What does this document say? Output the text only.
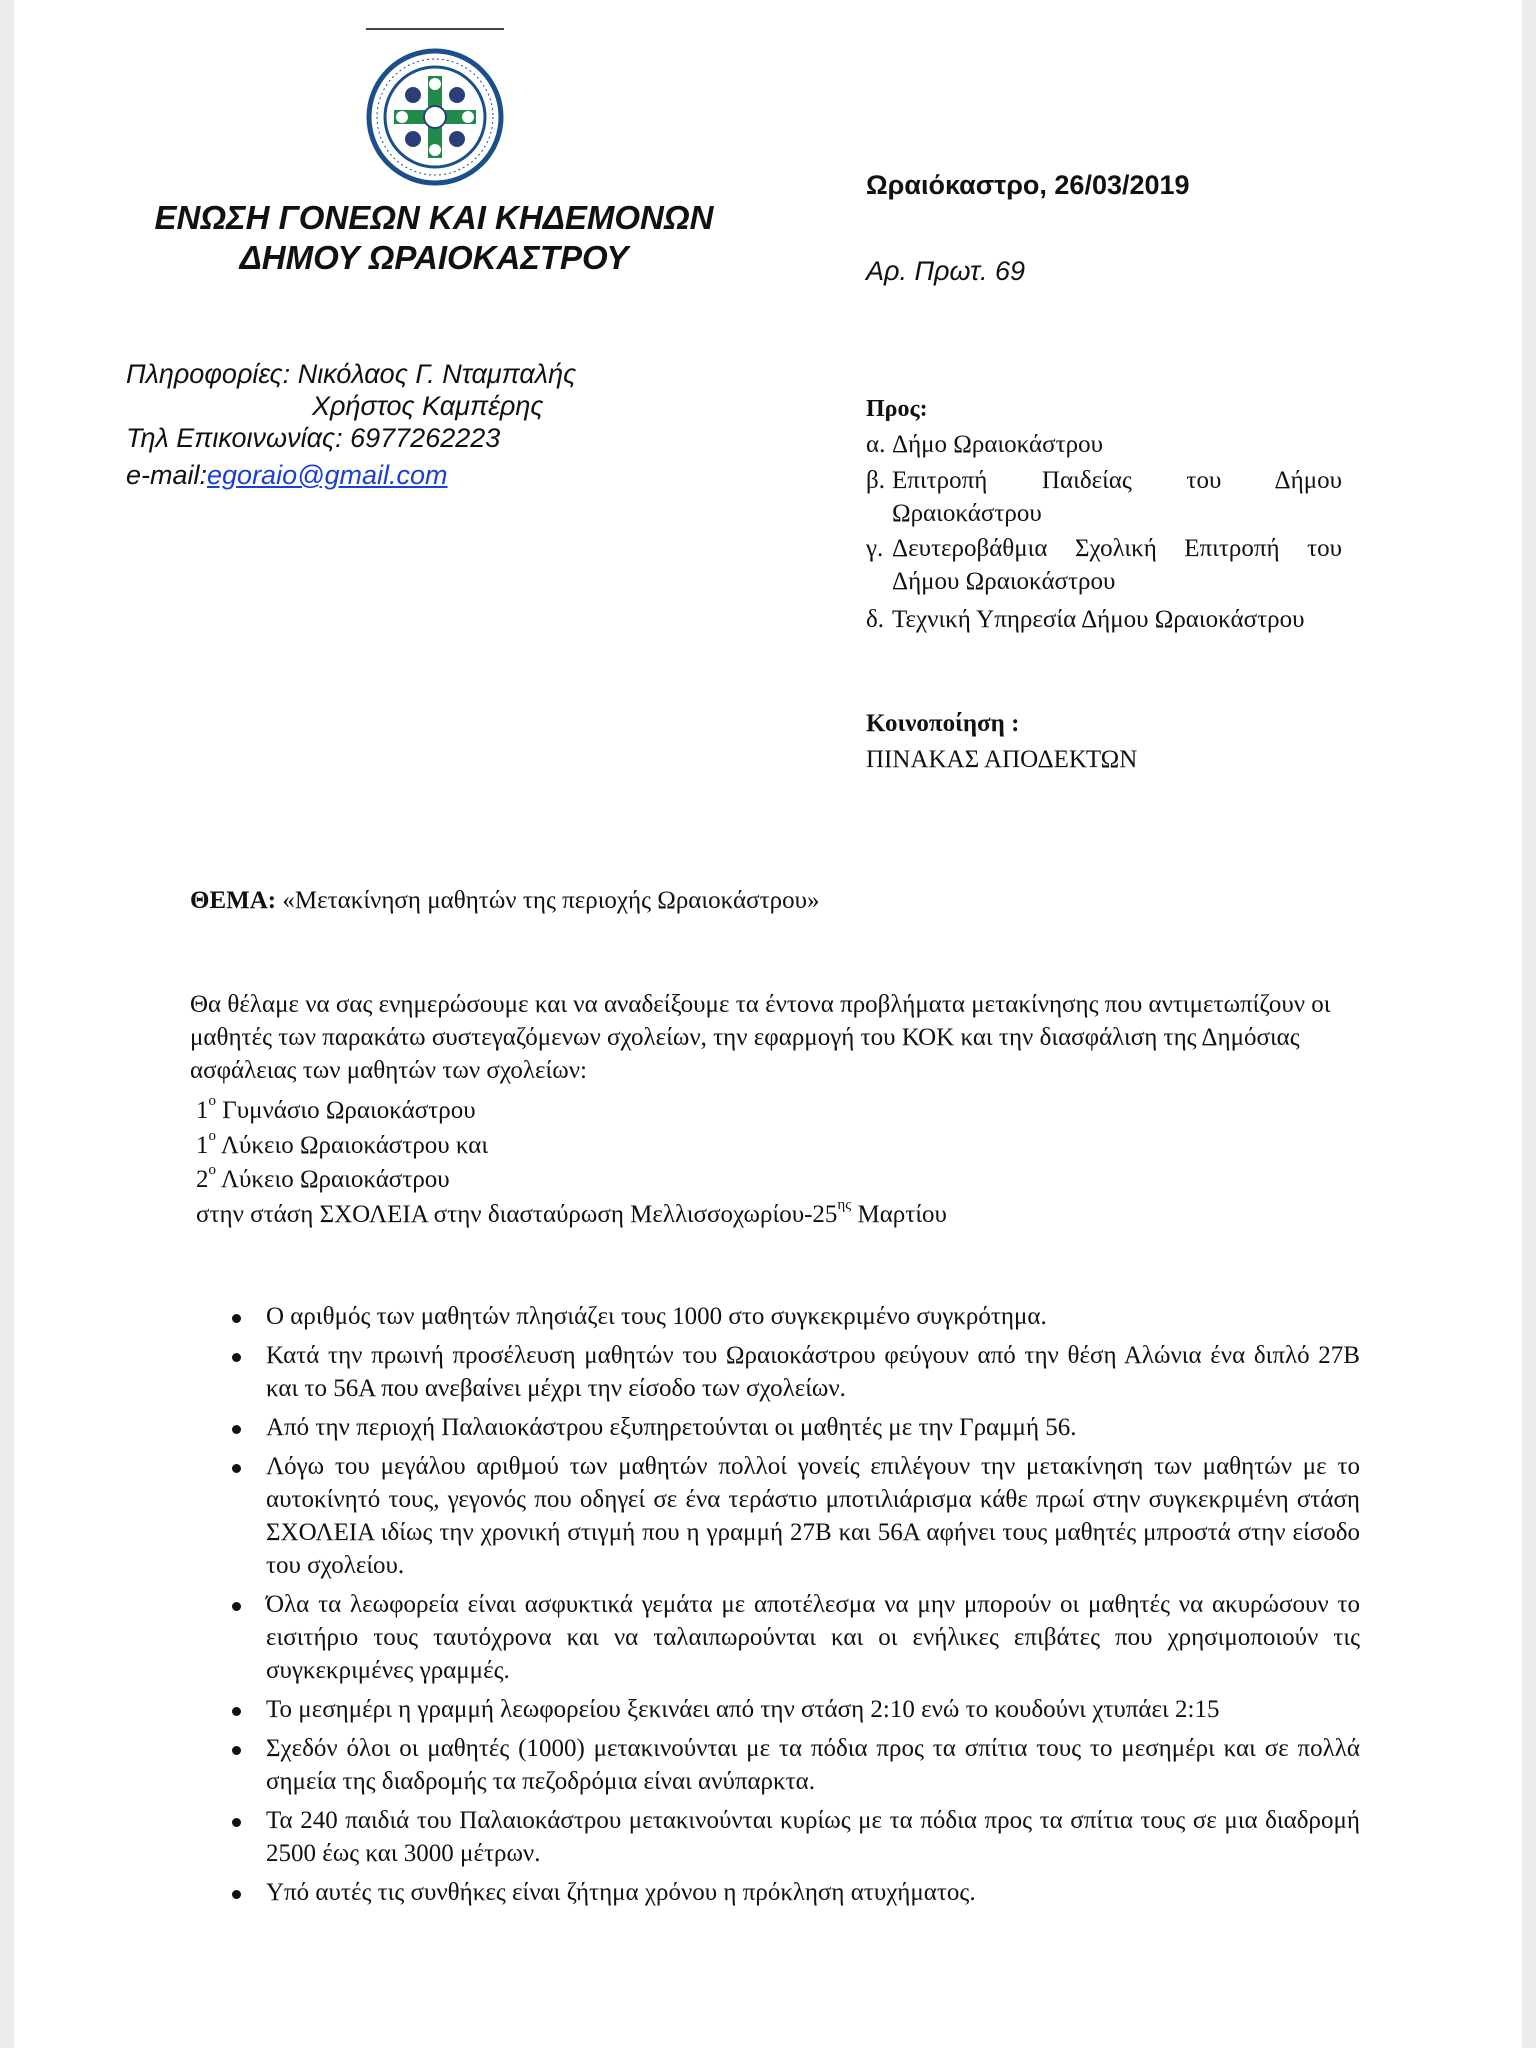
ΕΝΩΣΗ ΓΟΝΕΩΝ ΚΑΙ ΚΗΔΕΜΟΝΩΝ
ΔΗΜΟΥ ΩΡΑΙΟΚΑΣΤΡΟΥ
Πληροφορίες: Νικόλαος Γ. Νταμπαλής
Χρήστος Καμπέρης
Τηλ Επικοινωνίας: 6977262223
e-mail:egoraio@gmail.com
Ωραιόκαστρο, 26/03/2019
Αρ. Πρωτ. 69
Προς:
α. Δήμο Ωραιοκάστρου
β. Επιτροπή Παιδείας του Δήμου Ωραιοκάστρου
γ. Δευτεροβάθμια Σχολική Επιτροπή του Δήμου Ωραιοκάστρου
δ. Τεχνική Υπηρεσία Δήμου Ωραιοκάστρου
Κοινοποίηση :
ΠΙΝΑΚΑΣ ΑΠΟΔΕΚΤΩΝ
ΘΕΜΑ: «Μετακίνηση μαθητών της περιοχής Ωραιοκάστρου»
Θα θέλαμε να σας ενημερώσουμε και να αναδείξουμε τα έντονα προβλήματα μετακίνησης που αντιμετωπίζουν οι μαθητές των παρακάτω συστεγαζόμενων σχολείων, την εφαρμογή του ΚΟΚ και την διασφάλιση της Δημόσιας ασφάλειας των μαθητών των σχολείων:
$1^o$ Γυμνάσιο Ωραιοκάστρου
$1^o$ Λύκειο Ωραιοκάστρου και
$2^o$ Λύκειο Ωραιοκάστρου
στην στάση ΣΧΟΛΕΙΑ στην διασταύρωση Μελλισσοχωρίου-$25^{\eta\varsigma}$ Μαρτίου
Ο αριθμός των μαθητών πλησιάζει τους 1000 στο συγκεκριμένο συγκρότημα.
Κατά την πρωινή προσέλευση μαθητών του Ωραιοκάστρου φεύγουν από την θέση Αλώνια ένα διπλό 27Β και το 56Α που ανεβαίνει μέχρι την είσοδο των σχολείων.
Από την περιοχή Παλαιοκάστρου εξυπηρετούνται οι μαθητές με την Γραμμή 56.
Λόγω του μεγάλου αριθμού των μαθητών πολλοί γονείς επιλέγουν την μετακίνηση των μαθητών με το αυτοκίνητό τους, γεγονός που οδηγεί σε ένα τεράστιο μποτιλιάρισμα κάθε πρωί στην συγκεκριμένη στάση ΣΧΟΛΕΙΑ ιδίως την χρονική στιγμή που η γραμμή 27Β και 56Α αφήνει τους μαθητές μπροστά στην είσοδο του σχολείου.
Όλα τα λεωφορεία είναι ασφυκτικά γεμάτα με αποτέλεσμα να μην μπορούν οι μαθητές να ακυρώσουν το εισιτήριο τους ταυτόχρονα και να ταλαιπωρούνται και οι ενήλικες επιβάτες που χρησιμοποιούν τις συγκεκριμένες γραμμές.
Το μεσημέρι η γραμμή λεωφορείου ξεκινάει από την στάση 2:10 ενώ το κουδούνι χτυπάει 2:15
Σχεδόν όλοι οι μαθητές (1000) μετακινούνται με τα πόδια προς τα σπίτια τους το μεσημέρι και σε πολλά σημεία της διαδρομής τα πεζοδρόμια είναι ανύπαρκτα.
Τα 240 παιδιά του Παλαιοκάστρου μετακινούνται κυρίως με τα πόδια προς τα σπίτια τους σε μια διαδρομή 2500 έως και 3000 μέτρων.
Υπό αυτές τις συνθήκες είναι ζήτημα χρόνου η πρόκληση ατυχήματος.
